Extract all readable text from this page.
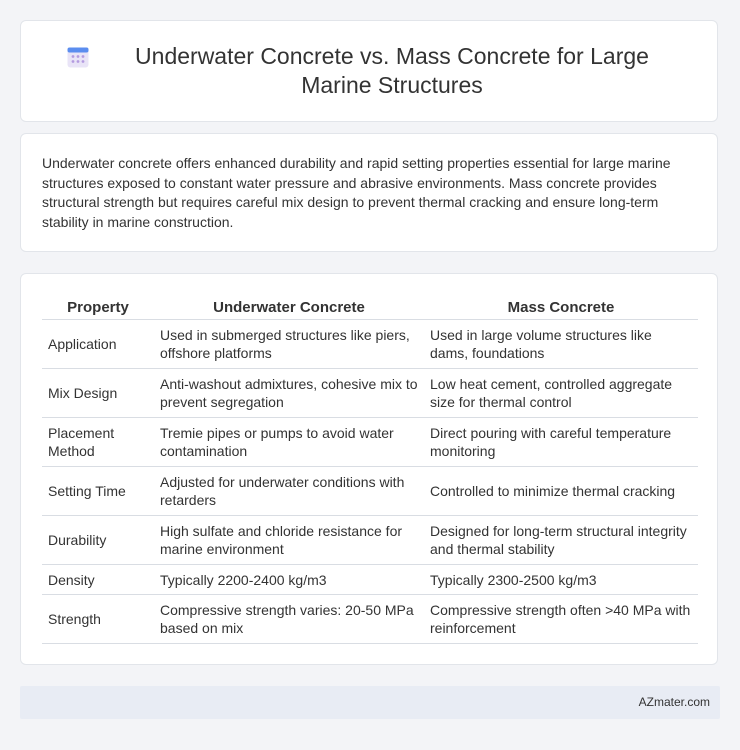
Underwater Concrete vs. Mass Concrete for Large Marine Structures

Underwater concrete offers enhanced durability and rapid setting properties essential for large marine structures exposed to constant water pressure and abrasive environments. Mass concrete provides structural strength but requires careful mix design to prevent thermal cracking and ensure long-term stability in marine construction.

Property	Underwater Concrete	Mass Concrete
Application	Used in submerged structures like piers, offshore platforms	Used in large volume structures like dams, foundations
Mix Design	Anti-washout admixtures, cohesive mix to prevent segregation	Low heat cement, controlled aggregate size for thermal control
Placement Method	Tremie pipes or pumps to avoid water contamination	Direct pouring with careful temperature monitoring
Setting Time	Adjusted for underwater conditions with retarders	Controlled to minimize thermal cracking
Durability	High sulfate and chloride resistance for marine environment	Designed for long-term structural integrity and thermal stability
Density	Typically 2200-2400 kg/m3	Typically 2300-2500 kg/m3
Strength	Compressive strength varies: 20-50 MPa based on mix	Compressive strength often >40 MPa with reinforcement
AZmater.com
